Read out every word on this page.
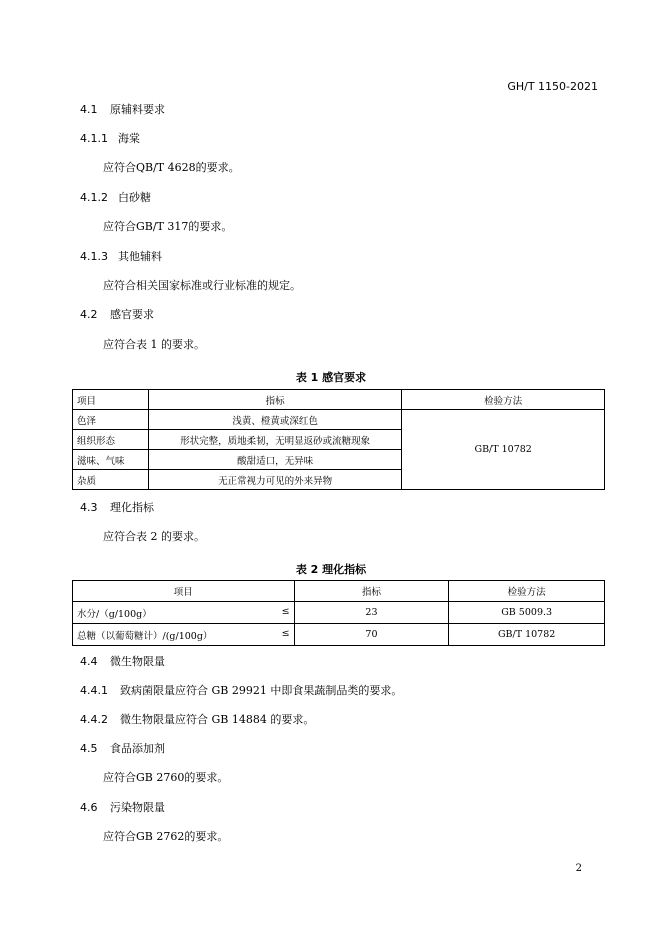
GH/T 1150-2021
4.1 原辅料要求
4.1.1 海棠
应符合QB/T 4628的要求。
4.1.2 白砂糖
应符合GB/T 317的要求。
4.1.3 其他辅料
应符合相关国家标准或行业标准的规定。
4.2 感官要求
应符合表 1 的要求。
表 1 感官要求
项目	指标	检验方法
色泽	浅黄、橙黄或深红色	GB/T 10782
组织形态	形状完整，质地柔韧，无明显返砂或流糖现象	
滋味、气味	酸甜适口，无异味	
杂质	无正常视力可见的外来异物	
4.3 理化指标
应符合表 2 的要求。
表 2 理化指标
项目	指标	检验方法
水分/（g/100g） ≤	23	GB 5009.3
总糖（以葡萄糖计）/(g/100g） ≤	70	GB/T 10782
4.4 微生物限量
4.4.1 致病菌限量应符合 GB 29921 中即食果蔬制品类的要求。
4.4.2 微生物限量应符合 GB 14884 的要求。
4.5 食品添加剂
应符合GB 2760的要求。
4.6 污染物限量
应符合GB 2762的要求。
2
